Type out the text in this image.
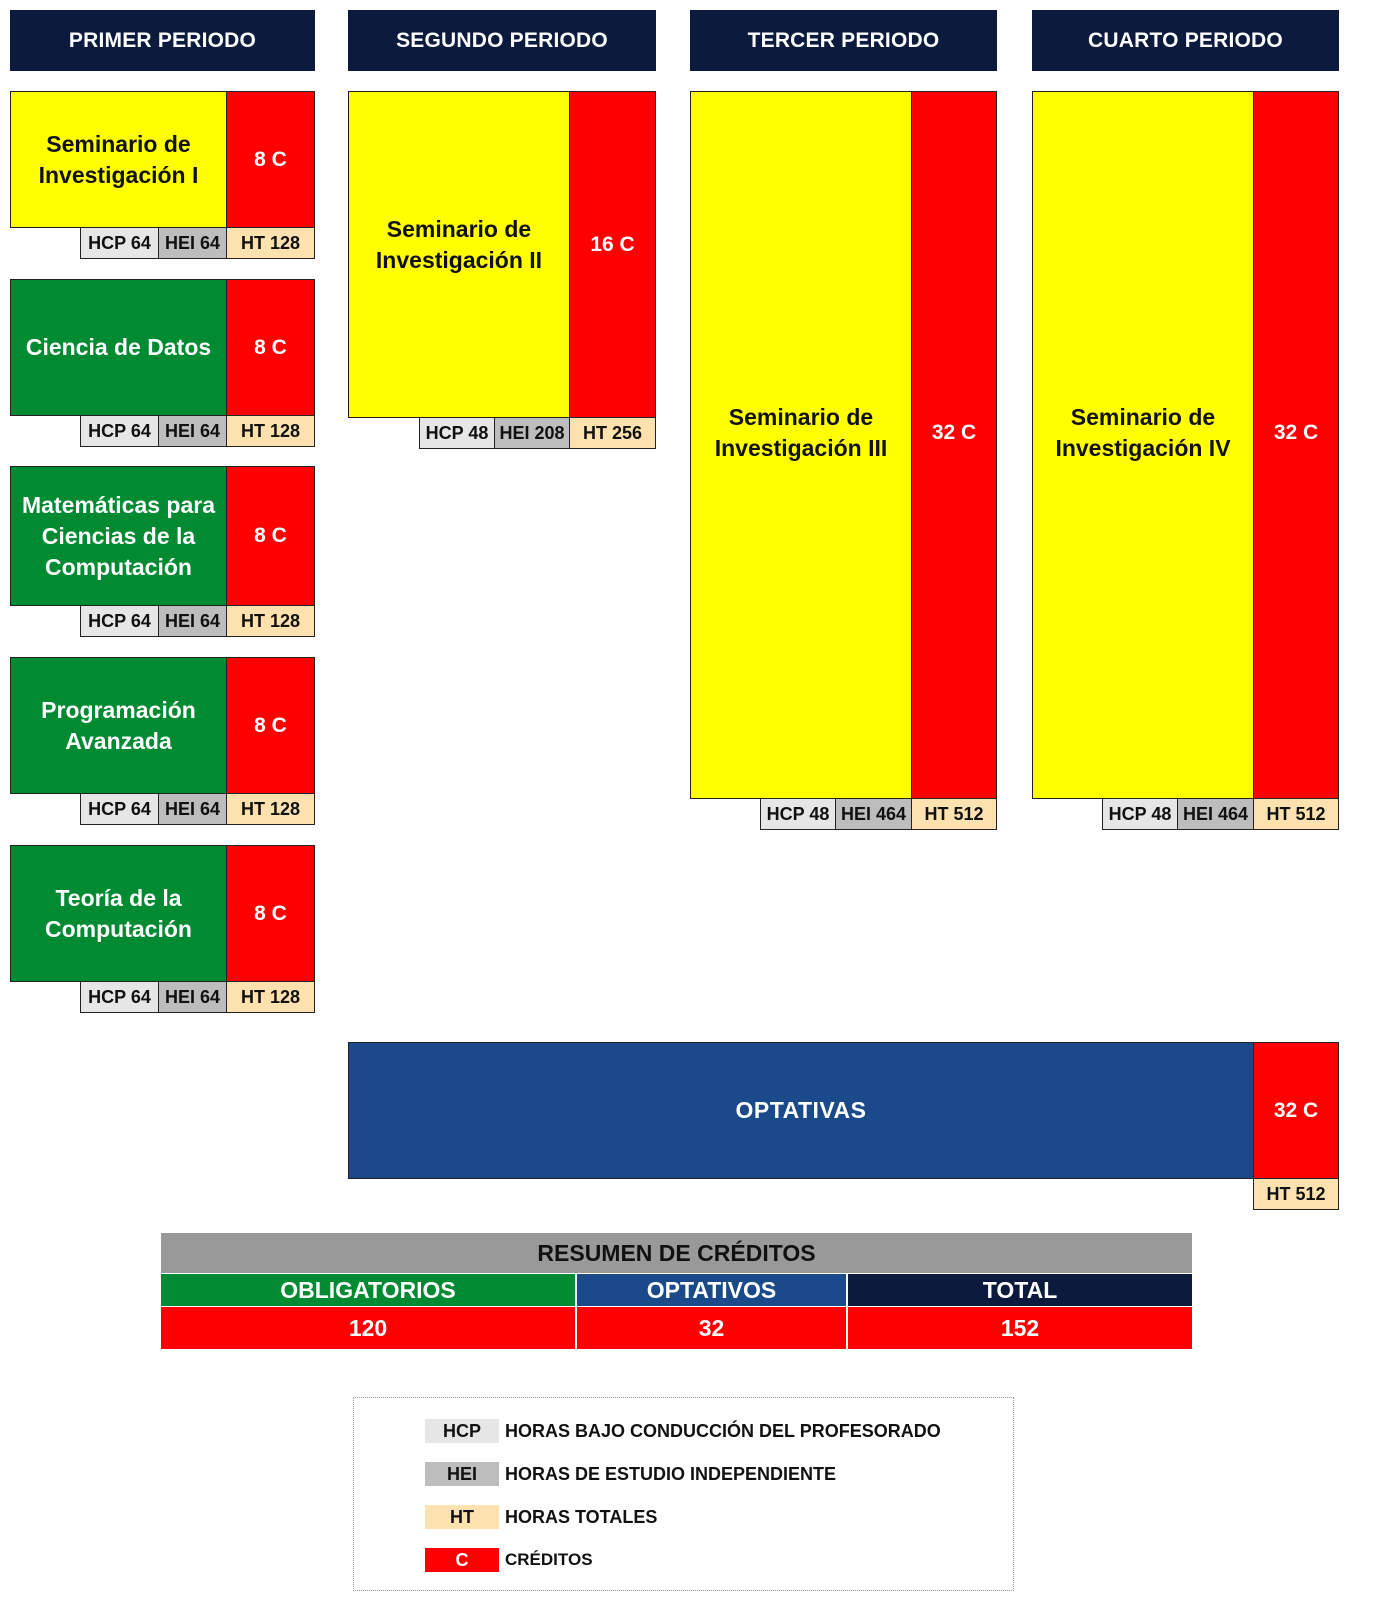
PRIMER PERIODO	SEGUNDO PERIODO	TERCER PERIODO	CUARTO PERIODO
Seminario de Investigación I
8 C
HCP 64 HEI 64	HT 128
Ciencia de Datos	8 C
HCP 64 HEI 64	HT 128
Matemáticas para Ciencias de la Computación
8 C
HCP 64 HEI 64	HT 128
Programación Avanzada
8 C
HCP 64 HEI 64	HT 128
Teoría de la Computación
8 C
HCP 64 HEI 64	HT 128
Seminario de Investigación II
16 C
HCP 48 HEI 208	HT 256
Seminario de Investigación III
32 C
HCP 48 HEI 464	HT 512
Seminario de Investigación IV
32 C
HCP 48 HEI 464	HT 512
OPTATIVAS	32 C
HT 512
RESUMEN DE CRÉDITOS
OBLIGATORIOS	OPTATIVOS	TOTAL
120	32	152
HCP	HORAS BAJO CONDUCCIÓN DEL PROFESORADO
HEI	HORAS DE ESTUDIO INDEPENDIENTE
HT	HORAS TOTALES
C	CRÉDITOS
